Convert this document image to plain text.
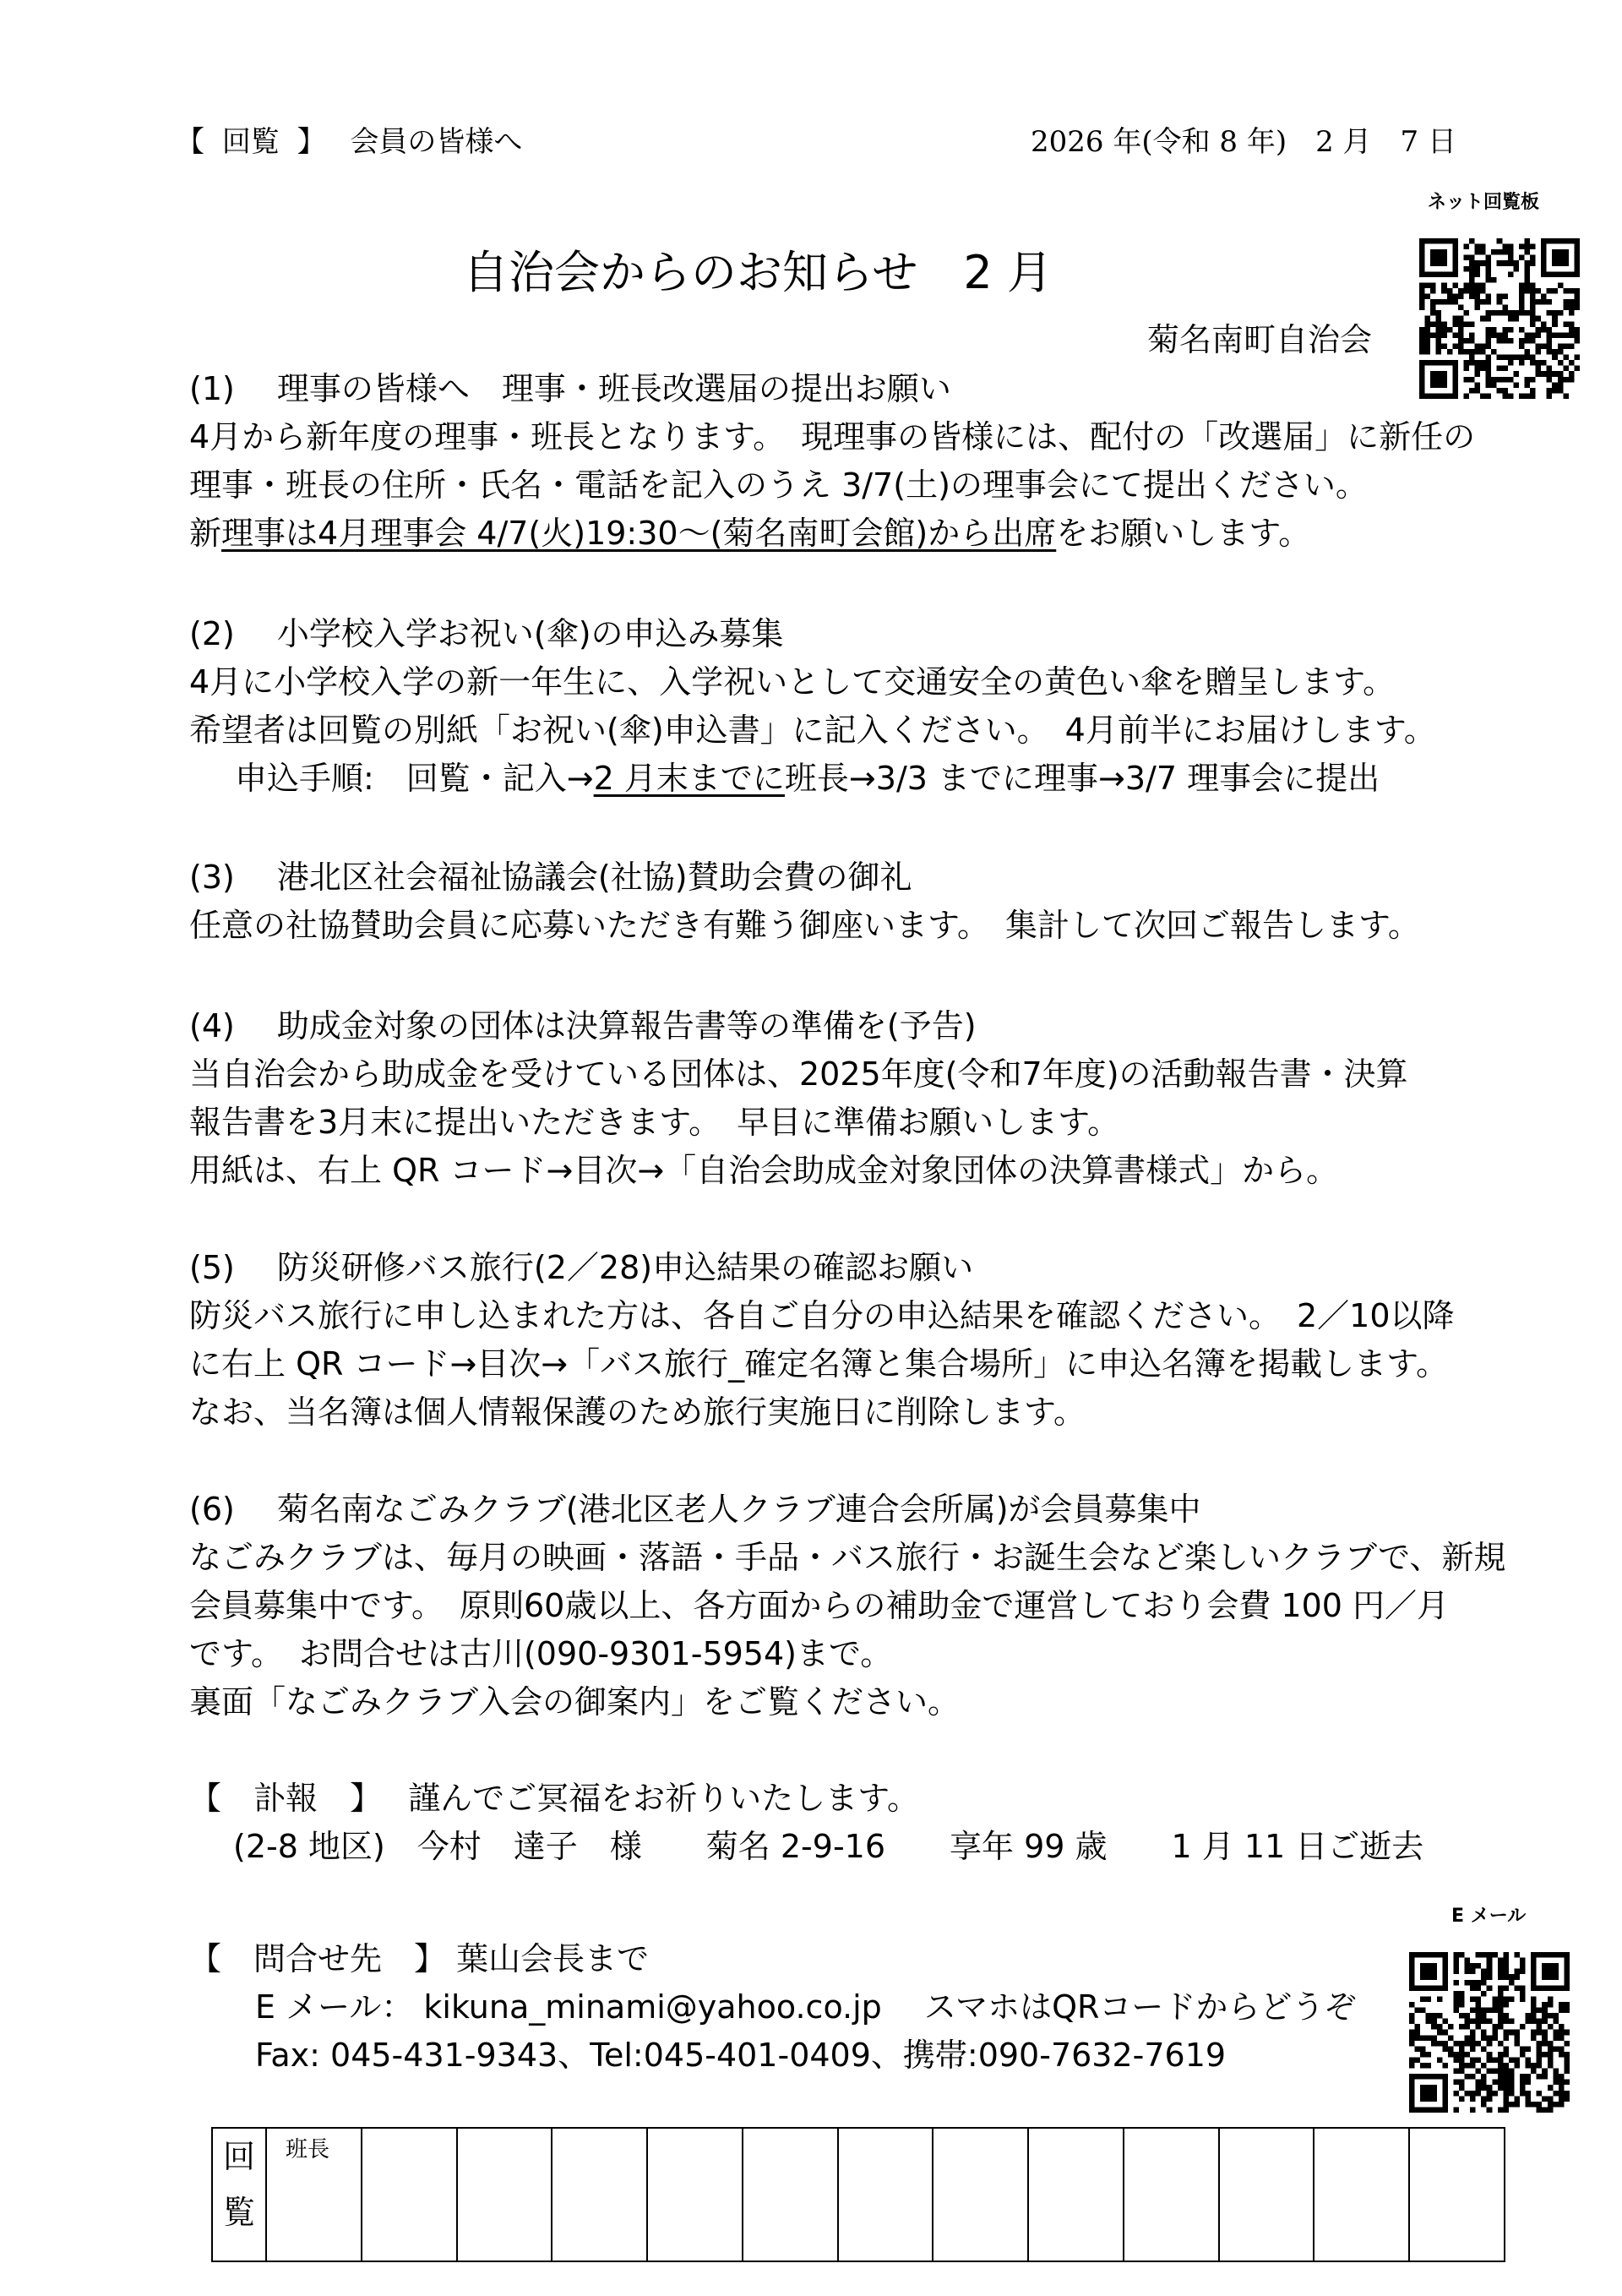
【 回覧 】 会員の皆様へ	2026 年(令和 8 年)　2 月　7 日
ネット回覧板
自治会からのお知らせ　2 月
菊名南町自治会
(1)　 理事の皆様へ　理事・班長改選届の提出お願い
4月から新年度の理事・班長となります。　現理事の皆様には、配付の「改選届」に新任の
理事・班長の住所・氏名・電話を記入のうえ 3/7(土)の理事会にて提出ください。
新理事は4月理事会 4/7(火)19:30～(菊名南町会館)から出席をお願いします。
(2)　 小学校入学お祝い(傘)の申込み募集
4月に小学校入学の新一年生に、入学祝いとして交通安全の黄色い傘を贈呈します。
希望者は回覧の別紙「お祝い(傘)申込書」に記入ください。　4月前半にお届けします。
申込手順:　回覧・記入→2 月末までに班長→3/3 までに理事→3/7 理事会に提出
(3)　 港北区社会福祉協議会(社協)賛助会費の御礼
任意の社協賛助会員に応募いただき有難う御座います。　集計して次回ご報告します。
(4)　 助成金対象の団体は決算報告書等の準備を(予告)
当自治会から助成金を受けている団体は、2025年度(令和7年度)の活動報告書・決算
報告書を3月末に提出いただきます。　早目に準備お願いします。
用紙は、右上 QR コード→目次→「自治会助成金対象団体の決算書様式」から。
(5)　 防災研修バス旅行(2／28)申込結果の確認お願い
防災バス旅行に申し込まれた方は、各自ご自分の申込結果を確認ください。　2／10以降
に右上 QR コード→目次→「バス旅行_確定名簿と集合場所」に申込名簿を掲載します。
なお、当名簿は個人情報保護のため旅行実施日に削除します。
(6)　 菊名南なごみクラブ(港北区老人クラブ連合会所属)が会員募集中
なごみクラブは、毎月の映画・落語・手品・バス旅行・お誕生会など楽しいクラブで、新規
会員募集中です。　原則60歳以上、各方面からの補助金で運営しており会費 100 円／月
です。　お問合せは古川(090-9301-5954)まで。
裏面「なごみクラブ入会の御案内」をご覧ください。
【　訃報　】　 謹んでご冥福をお祈りいたします。
(2-8 地区)　今村　達子　様　　菊名 2-9-16　　享年 99 歳　　1 月 11 日ご逝去
E メール
【　問合せ先　】 葉山会長まで
E メール： kikuna_minami@yahoo.co.jp　 スマホはQRコードからどうぞ
Fax: 045-431-9343、Tel:045-401-0409、携帯:090-7632-7619
回
覧
	班長												
